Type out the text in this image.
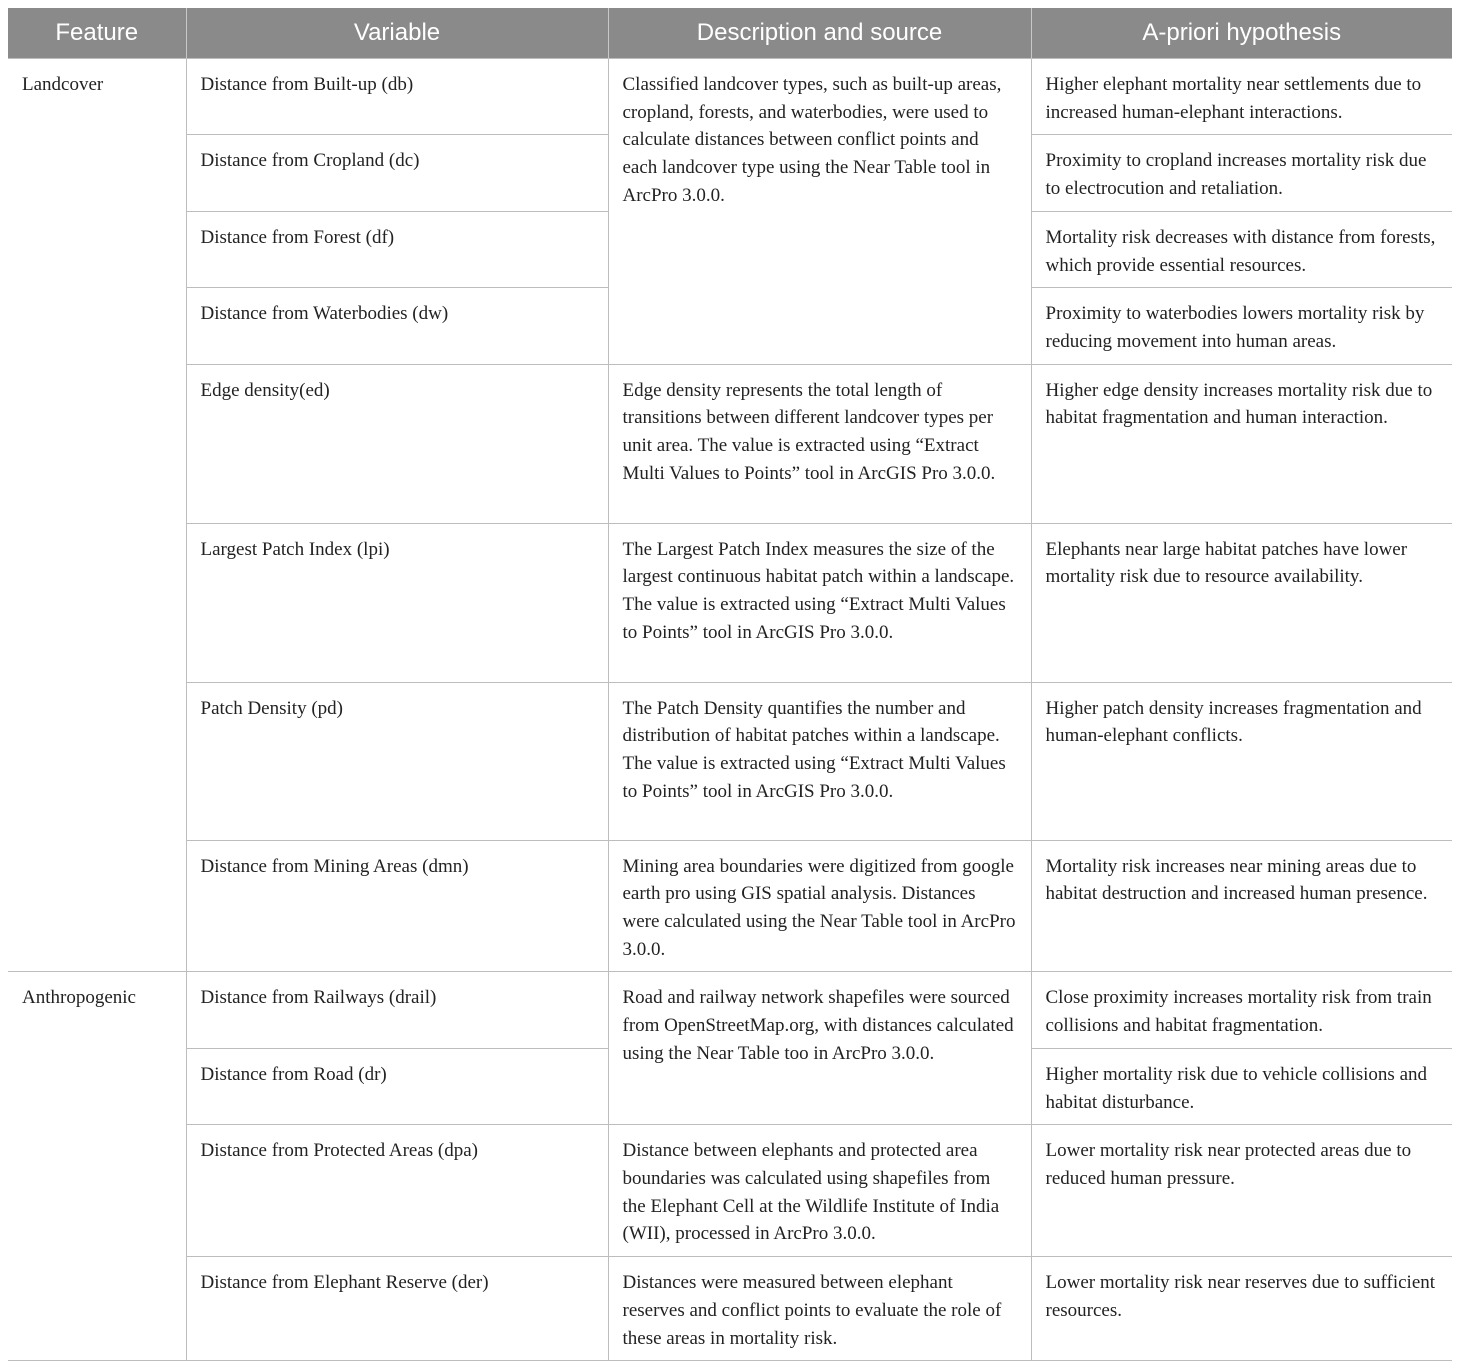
Feature	Variable	Description and source	A-priori hypothesis
Landcover	Distance from Built-up (db)	Classified landcover types, such as built-up areas, cropland, forests, and waterbodies, were used to calculate distances between conflict points and each landcover type using the Near Table tool in ArcPro 3.0.0.	Higher elephant mortality near settlements due to increased human-elephant interactions.
	Distance from Cropland (dc)		Proximity to cropland increases mortality risk due to electrocution and retaliation.
	Distance from Forest (df)		Mortality risk decreases with distance from forests, which provide essential resources.
	Distance from Waterbodies (dw)		Proximity to waterbodies lowers mortality risk by reducing movement into human areas.
	Edge density(ed)	Edge density represents the total length of transitions between different landcover types per unit area. The value is extracted using “Extract Multi Values to Points” tool in ArcGIS Pro 3.0.0.	Higher edge density increases mortality risk due to habitat fragmentation and human interaction.
	Largest Patch Index (lpi)	The Largest Patch Index measures the size of the largest continuous habitat patch within a landscape. The value is extracted using “Extract Multi Values to Points” tool in ArcGIS Pro 3.0.0.	Elephants near large habitat patches have lower mortality risk due to resource availability.
	Patch Density (pd)	The Patch Density quantifies the number and distribution of habitat patches within a landscape. The value is extracted using “Extract Multi Values to Points” tool in ArcGIS Pro 3.0.0.	Higher patch density increases fragmentation and human-elephant conflicts.
	Distance from Mining Areas (dmn)	Mining area boundaries were digitized from google earth pro using GIS spatial analysis. Distances were calculated using the Near Table tool in ArcPro 3.0.0.	Mortality risk increases near mining areas due to habitat destruction and increased human presence.
Anthropogenic	Distance from Railways (drail)	Road and railway network shapefiles were sourced from OpenStreetMap.org, with distances calculated using the Near Table too in ArcPro 3.0.0.	Close proximity increases mortality risk from train collisions and habitat fragmentation.
	Distance from Road (dr)		Higher mortality risk due to vehicle collisions and habitat disturbance.
	Distance from Protected Areas (dpa)	Distance between elephants and protected area boundaries was calculated using shapefiles from the Elephant Cell at the Wildlife Institute of India (WII), processed in ArcPro 3.0.0.	Lower mortality risk near protected areas due to reduced human pressure.
	Distance from Elephant Reserve (der)	Distances were measured between elephant reserves and conflict points to evaluate the role of these areas in mortality risk.	Lower mortality risk near reserves due to sufficient resources.
